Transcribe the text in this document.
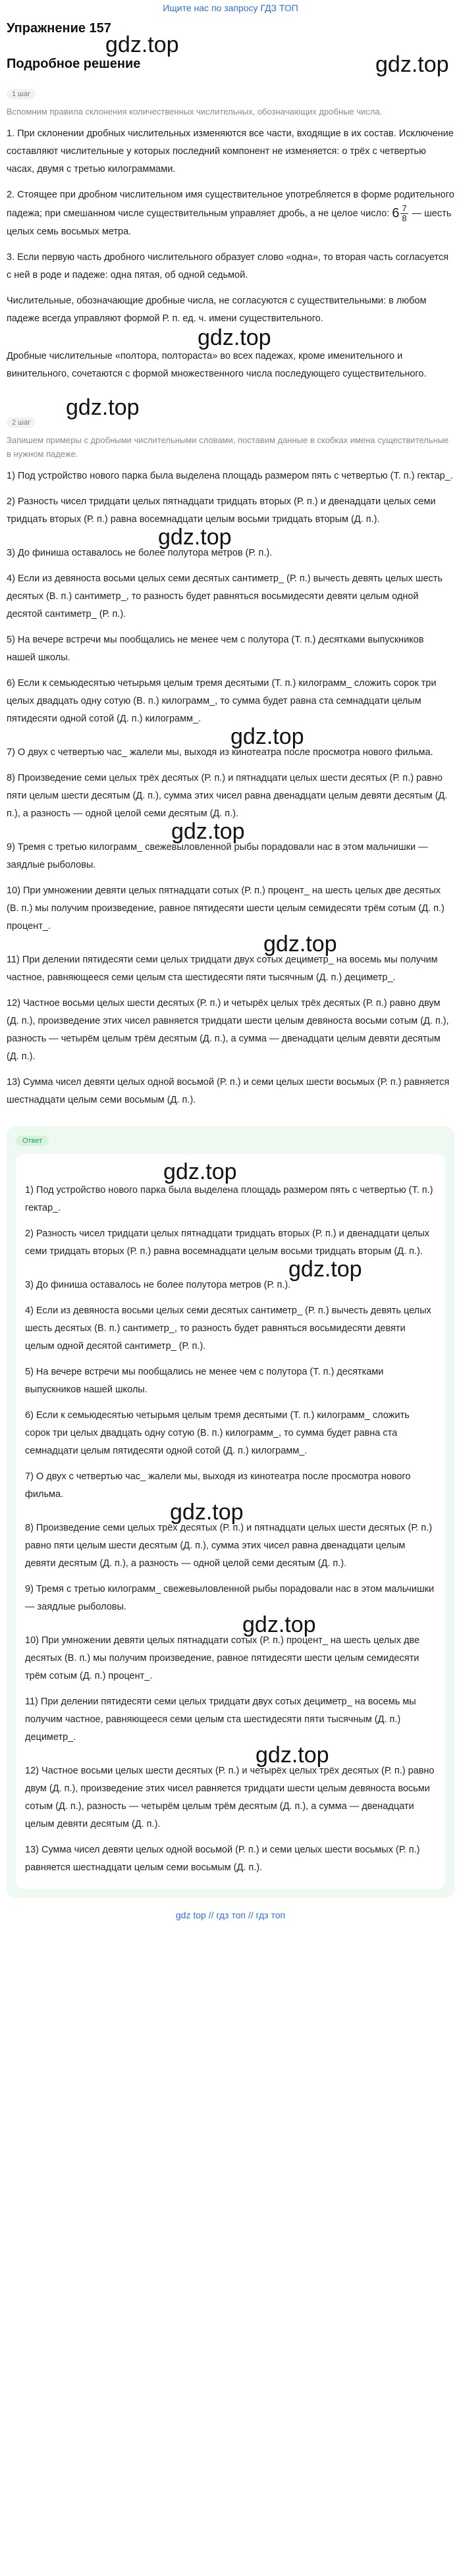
Ищите нас по запросу ГДЗ ТОП
Упражнение 157
gdz.top
Подробное решение	gdz.top
1 шаг

Вспомним правила склонения количественных числительных, обозначающих дробные числа.

1. При склонении дробных числительных изменяются все части, входящие в их состав. Исключение составляют числительные у которых последний компонент не изменяется: о трёх с четвертью часах, двумя с третью килограммами.

2. Стоящее при дробном числительном имя существительное употребляется в форме родительного падежа; при смешанном числе существительным управляет дробь, а не целое число: $6 \frac{7}{8}$ — шесть целых семь восьмых метра.

3. Если первую часть дробного числительного образует слово «одна», то вторая часть согласуется с ней в роде и падеже: одна пятая, об одной седьмой.

Числительные, обозначающие дробные числа, не согласуются с существительными: в любом падеже всегда управляют формой Р. п. ед. ч. имени существительного.

gdz.top

Дробные числительные «полтора, полтораста» во всех падежах, кроме именительного и винительного, сочетаются с формой множественного числа последующего существительного.

gdz.top
2 шаг

Запишем примеры с дробными числительными словами, поставим данные в скобках имена существительные в нужном падеже.

1) Под устройство нового парка была выделена площадь размером пять с четвертью (Т. п.) гектар_.

2) Разность чисел тридцати целых пятнадцати тридцать вторых (Р. п.) и двенадцати целых семи тридцать вторых (Р. п.) равна восемнадцати целым восьми тридцать вторым (Д. п.).

gdz.top

3) До финиша оставалось не более полутора метров (Р. п.).

4) Если из девяноста восьми целых семи десятых сантиметр_ (Р. п.) вычесть девять целых шесть десятых (В. п.) сантиметр_, то разность будет равняться восьмидесяти девяти целым одной десятой сантиметр_ (Р. п.).

5) На вечере встречи мы пообщались не менее чем с полутора (Т. п.) десятками выпускников нашей школы.

6) Если к семьюдесятью четырьмя целым тремя десятыми (Т. п.) килограмм_ сложить сорок три целых двадцать одну сотую (В. п.) килограмм_, то сумма будет равна ста семнадцати целым пятидесяти одной сотой (Д. п.) килограмм_.

gdz.top

7) О двух с четвертью час_ жалели мы, выходя из кинотеатра после просмотра нового фильма.

8) Произведение семи целых трёх десятых (Р. п.) и пятнадцати целых шести десятых (Р. п.) равно пяти целым шести десятым (Д. п.), сумма этих чисел равна двенадцати целым девяти десятым (Д. п.), а разность — одной целой семи десятым (Д. п.).

gdz.top

9) Тремя с третью килограмм_ свежевыловленной рыбы порадовали нас в этом мальчишки — заядлые рыболовы.

10) При умножении девяти целых пятнадцати сотых (Р. п.) процент_ на шесть целых две десятых (В. п.) мы получим произведение, равное пятидесяти шести целым семидесяти трём сотым (Д. п.) процент_.

gdz.top

11) При делении пятидесяти семи целых тридцати двух сотых дециметр_ на восемь мы получим частное, равняющееся семи целым ста шестидесяти пяти тысячным (Д. п.) дециметр_.

12) Частное восьми целых шести десятых (Р. п.) и четырёх целых трёх десятых (Р. п.) равно двум (Д. п.), произведение этих чисел равняется тридцати шести целым девяноста восьми сотым (Д. п.), разность — четырём целым трём десятым (Д. п.), а сумма — двенадцати целым девяти десятым (Д. п.).

13) Сумма чисел девяти целых одной восьмой (Р. п.) и семи целых шести восьмых (Р. п.) равняется шестнадцати целым семи восьмым (Д. п.).

Ответ
gdz.top

1) Под устройство нового парка была выделена площадь размером пять с четвертью (Т. п.) гектар_.

2) Разность чисел тридцати целых пятнадцати тридцать вторых (Р. п.) и двенадцати целых семи тридцать вторых (Р. п.) равна восемнадцати целым восьми тридцать вторым (Д. п.).

gdz.top

3) До финиша оставалось не более полутора метров (Р. п.).

4) Если из девяноста восьми целых семи десятых сантиметр_ (Р. п.) вычесть девять целых шесть десятых (В. п.) сантиметр_, то разность будет равняться восьмидесяти девяти целым одной десятой сантиметр_ (Р. п.).

5) На вечере встречи мы пообщались не менее чем с полутора (Т. п.) десятками выпускников нашей школы.

6) Если к семьюдесятью четырьмя целым тремя десятыми (Т. п.) килограмм_ сложить сорок три целых двадцать одну сотую (В. п.) килограмм_, то сумма будет равна ста семнадцати целым пятидесяти одной сотой (Д. п.) килограмм_.

7) О двух с четвертью час_ жалели мы, выходя из кинотеатра после просмотра нового фильма.

gdz.top

8) Произведение семи целых трёх десятых (Р. п.) и пятнадцати целых шести десятых (Р. п.) равно пяти целым шести десятым (Д. п.), сумма этих чисел равна двенадцати целым девяти десятым (Д. п.), а разность — одной целой семи десятым (Д. п.).

9) Тремя с третью килограмм_ свежевыловленной рыбы порадовали нас в этом мальчишки — заядлые рыболовы.

gdz.top

10) При умножении девяти целых пятнадцати сотых (Р. п.) процент_ на шесть целых две десятых (В. п.) мы получим произведение, равное пятидесяти шести целым семидесяти трём сотым (Д. п.) процент_.

11) При делении пятидесяти семи целых тридцати двух сотых дециметр_ на восемь мы получим частное, равняющееся семи целым ста шестидесяти пяти тысячным (Д. п.) дециметр_.

gdz.top

12) Частное восьми целых шести десятых (Р. п.) и четырёх целых трёх десятых (Р. п.) равно двум (Д. п.), произведение этих чисел равняется тридцати шести целым девяноста восьми сотым (Д. п.), разность — четырём целым трём десятым (Д. п.), а сумма — двенадцати целым девяти десятым (Д. п.).

13) Сумма чисел девяти целых одной восьмой (Р. п.) и семи целых шести восьмых (Р. п.) равняется шестнадцати целым семи восьмым (Д. п.).

gdz top // гдз топ // гдз топ
